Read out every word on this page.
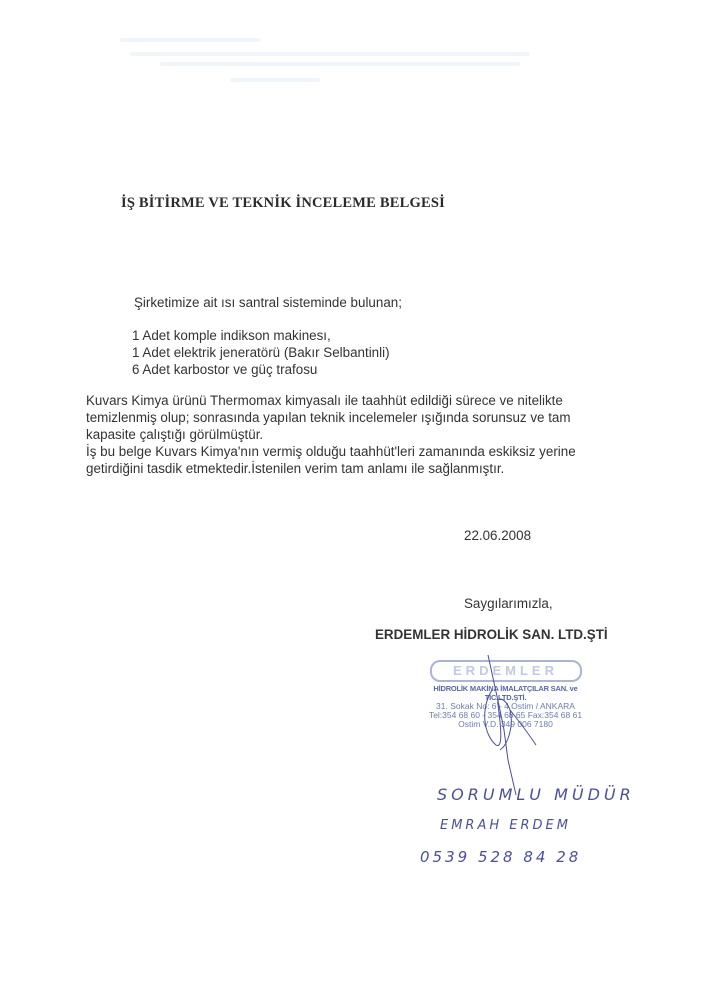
İŞ BİTİRME VE TEKNİK İNCELEME BELGESİ
Şirketimize ait ısı santral sisteminde bulunan;
1 Adet komple indikson makinesı,
1 Adet elektrik jeneratörü (Bakır Selbantinli)
6 Adet karbostor ve güç trafosu
Kuvars Kimya ürünü Thermomax kimyasalı ile taahhüt edildiği sürece ve nitelikte
temizlenmiş olup; sonrasında yapılan teknik incelemeler ışığında sorunsuz ve tam
kapasite çalıştığı görülmüştür.
İş bu belge Kuvars Kimya'nın vermiş olduğu taahhüt'leri zamanında eskiksiz yerine
getirdiğini tasdik etmektedir.İstenilen verim tam anlamı ile sağlanmıştır.
22.06.2008
Saygılarımızla,
ERDEMLER HİDROLİK SAN. LTD.ŞTİ
ERDEMLER
HİDROLİK MAKİNA İMALATÇILAR SAN. ve TİC.LTD.ŞTİ.
31. Sokak No: 6 - 4 Ostim / ANKARA
Tel:354 68 60 - 354 68 65 Fax:354 68 61
Ostim V.D. 349 006 7180
SORUMLU MÜDÜR
EMRAH ERDEM
0539 528 84 28
